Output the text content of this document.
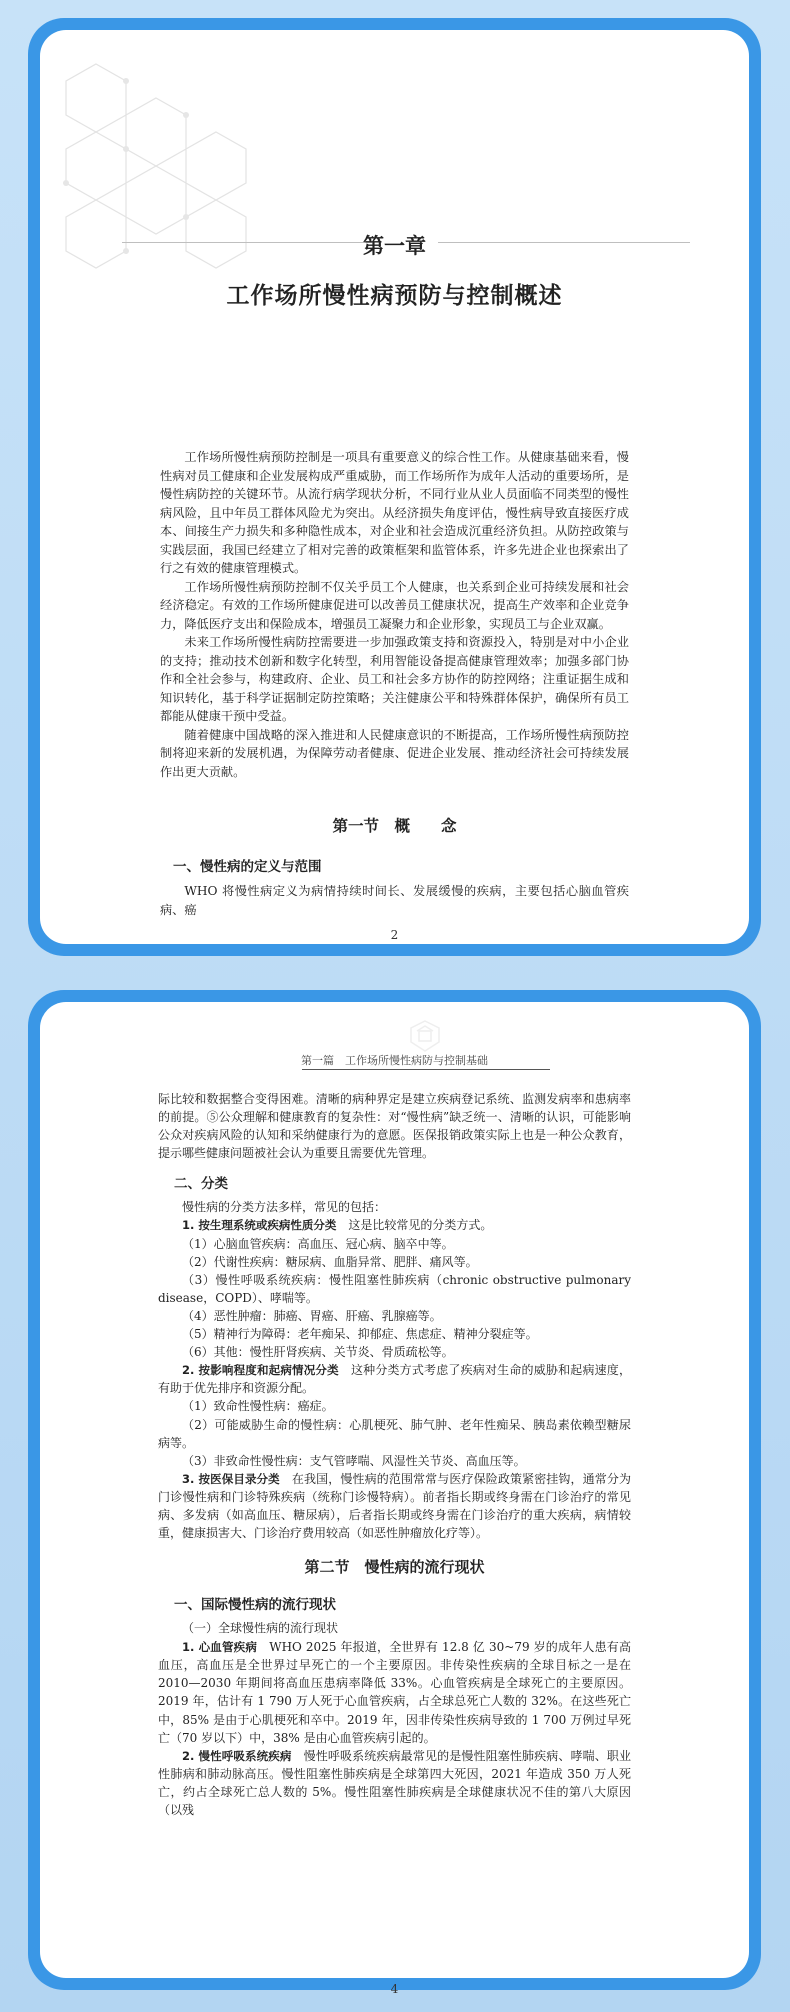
第一章
工作场所慢性病预防与控制概述

工作场所慢性病预防控制是一项具有重要意义的综合性工作。从健康基础来看，慢性病对员工健康和企业发展构成严重威胁，而工作场所作为成年人活动的重要场所，是慢性病防控的关键环节。从流行病学现状分析，不同行业从业人员面临不同类型的慢性病风险，且中年员工群体风险尤为突出。从经济损失角度评估，慢性病导致直接医疗成本、间接生产力损失和多种隐性成本，对企业和社会造成沉重经济负担。从防控政策与实践层面，我国已经建立了相对完善的政策框架和监管体系，许多先进企业也探索出了行之有效的健康管理模式。

工作场所慢性病预防控制不仅关乎员工个人健康，也关系到企业可持续发展和社会经济稳定。有效的工作场所健康促进可以改善员工健康状况，提高生产效率和企业竞争力，降低医疗支出和保险成本，增强员工凝聚力和企业形象，实现员工与企业双赢。

未来工作场所慢性病防控需要进一步加强政策支持和资源投入，特别是对中小企业的支持；推动技术创新和数字化转型，利用智能设备提高健康管理效率；加强多部门协作和全社会参与，构建政府、企业、员工和社会多方协作的防控网络；注重证据生成和知识转化，基于科学证据制定防控策略；关注健康公平和特殊群体保护，确保所有员工都能从健康干预中受益。

随着健康中国战略的深入推进和人民健康意识的不断提高，工作场所慢性病预防控制将迎来新的发展机遇，为保障劳动者健康、促进企业发展、推动经济社会可持续发展作出更大贡献。

第一节　概　　念
一、慢性病的定义与范围

WHO 将慢性病定义为病情持续时间长、发展缓慢的疾病，主要包括心脑血管疾病、癌

2
第一篇　工作场所慢性病防与控制基础

际比较和数据整合变得困难。清晰的病种界定是建立疾病登记系统、监测发病率和患病率的前提。⑤公众理解和健康教育的复杂性：对“慢性病”缺乏统一、清晰的认识，可能影响公众对疾病风险的认知和采纳健康行为的意愿。医保报销政策实际上也是一种公众教育，提示哪些健康问题被社会认为重要且需要优先管理。

二、分类

慢性病的分类方法多样，常见的包括：

1. 按生理系统或疾病性质分类　这是比较常见的分类方式。

（1）心脑血管疾病：高血压、冠心病、脑卒中等。

（2）代谢性疾病：糖尿病、血脂异常、肥胖、痛风等。

（3）慢性呼吸系统疾病：慢性阻塞性肺疾病（chronic obstructive pulmonary disease，COPD）、哮喘等。

（4）恶性肿瘤：肺癌、胃癌、肝癌、乳腺癌等。

（5）精神行为障碍：老年痴呆、抑郁症、焦虑症、精神分裂症等。

（6）其他：慢性肝肾疾病、关节炎、骨质疏松等。

2. 按影响程度和起病情况分类　这种分类方式考虑了疾病对生命的威胁和起病速度，有助于优先排序和资源分配。

（1）致命性慢性病：癌症。

（2）可能威胁生命的慢性病：心肌梗死、肺气肿、老年性痴呆、胰岛素依赖型糖尿病等。

（3）非致命性慢性病：支气管哮喘、风湿性关节炎、高血压等。

3. 按医保目录分类　在我国，慢性病的范围常常与医疗保险政策紧密挂钩，通常分为门诊慢性病和门诊特殊疾病（统称门诊慢特病）。前者指长期或终身需在门诊治疗的常见病、多发病（如高血压、糖尿病），后者指长期或终身需在门诊治疗的重大疾病，病情较重，健康损害大、门诊治疗费用较高（如恶性肿瘤放化疗等）。

第二节　慢性病的流行现状
一、国际慢性病的流行现状
（一）全球慢性病的流行现状

1. 心血管疾病　WHO 2025 年报道，全世界有 12.8 亿 30~79 岁的成年人患有高血压，高血压是全世界过早死亡的一个主要原因。非传染性疾病的全球目标之一是在 2010—2030 年期间将高血压患病率降低 33%。心血管疾病是全球死亡的主要原因。2019 年，估计有 1 790 万人死于心血管疾病，占全球总死亡人数的 32%。在这些死亡中，85% 是由于心肌梗死和卒中。2019 年，因非传染性疾病导致的 1 700 万例过早死亡（70 岁以下）中，38% 是由心血管疾病引起的。

2. 慢性呼吸系统疾病　慢性呼吸系统疾病最常见的是慢性阻塞性肺疾病、哮喘、职业性肺病和肺动脉高压。慢性阻塞性肺疾病是全球第四大死因，2021 年造成 350 万人死亡，约占全球死亡总人数的 5%。慢性阻塞性肺疾病是全球健康状况不佳的第八大原因（以残

4
